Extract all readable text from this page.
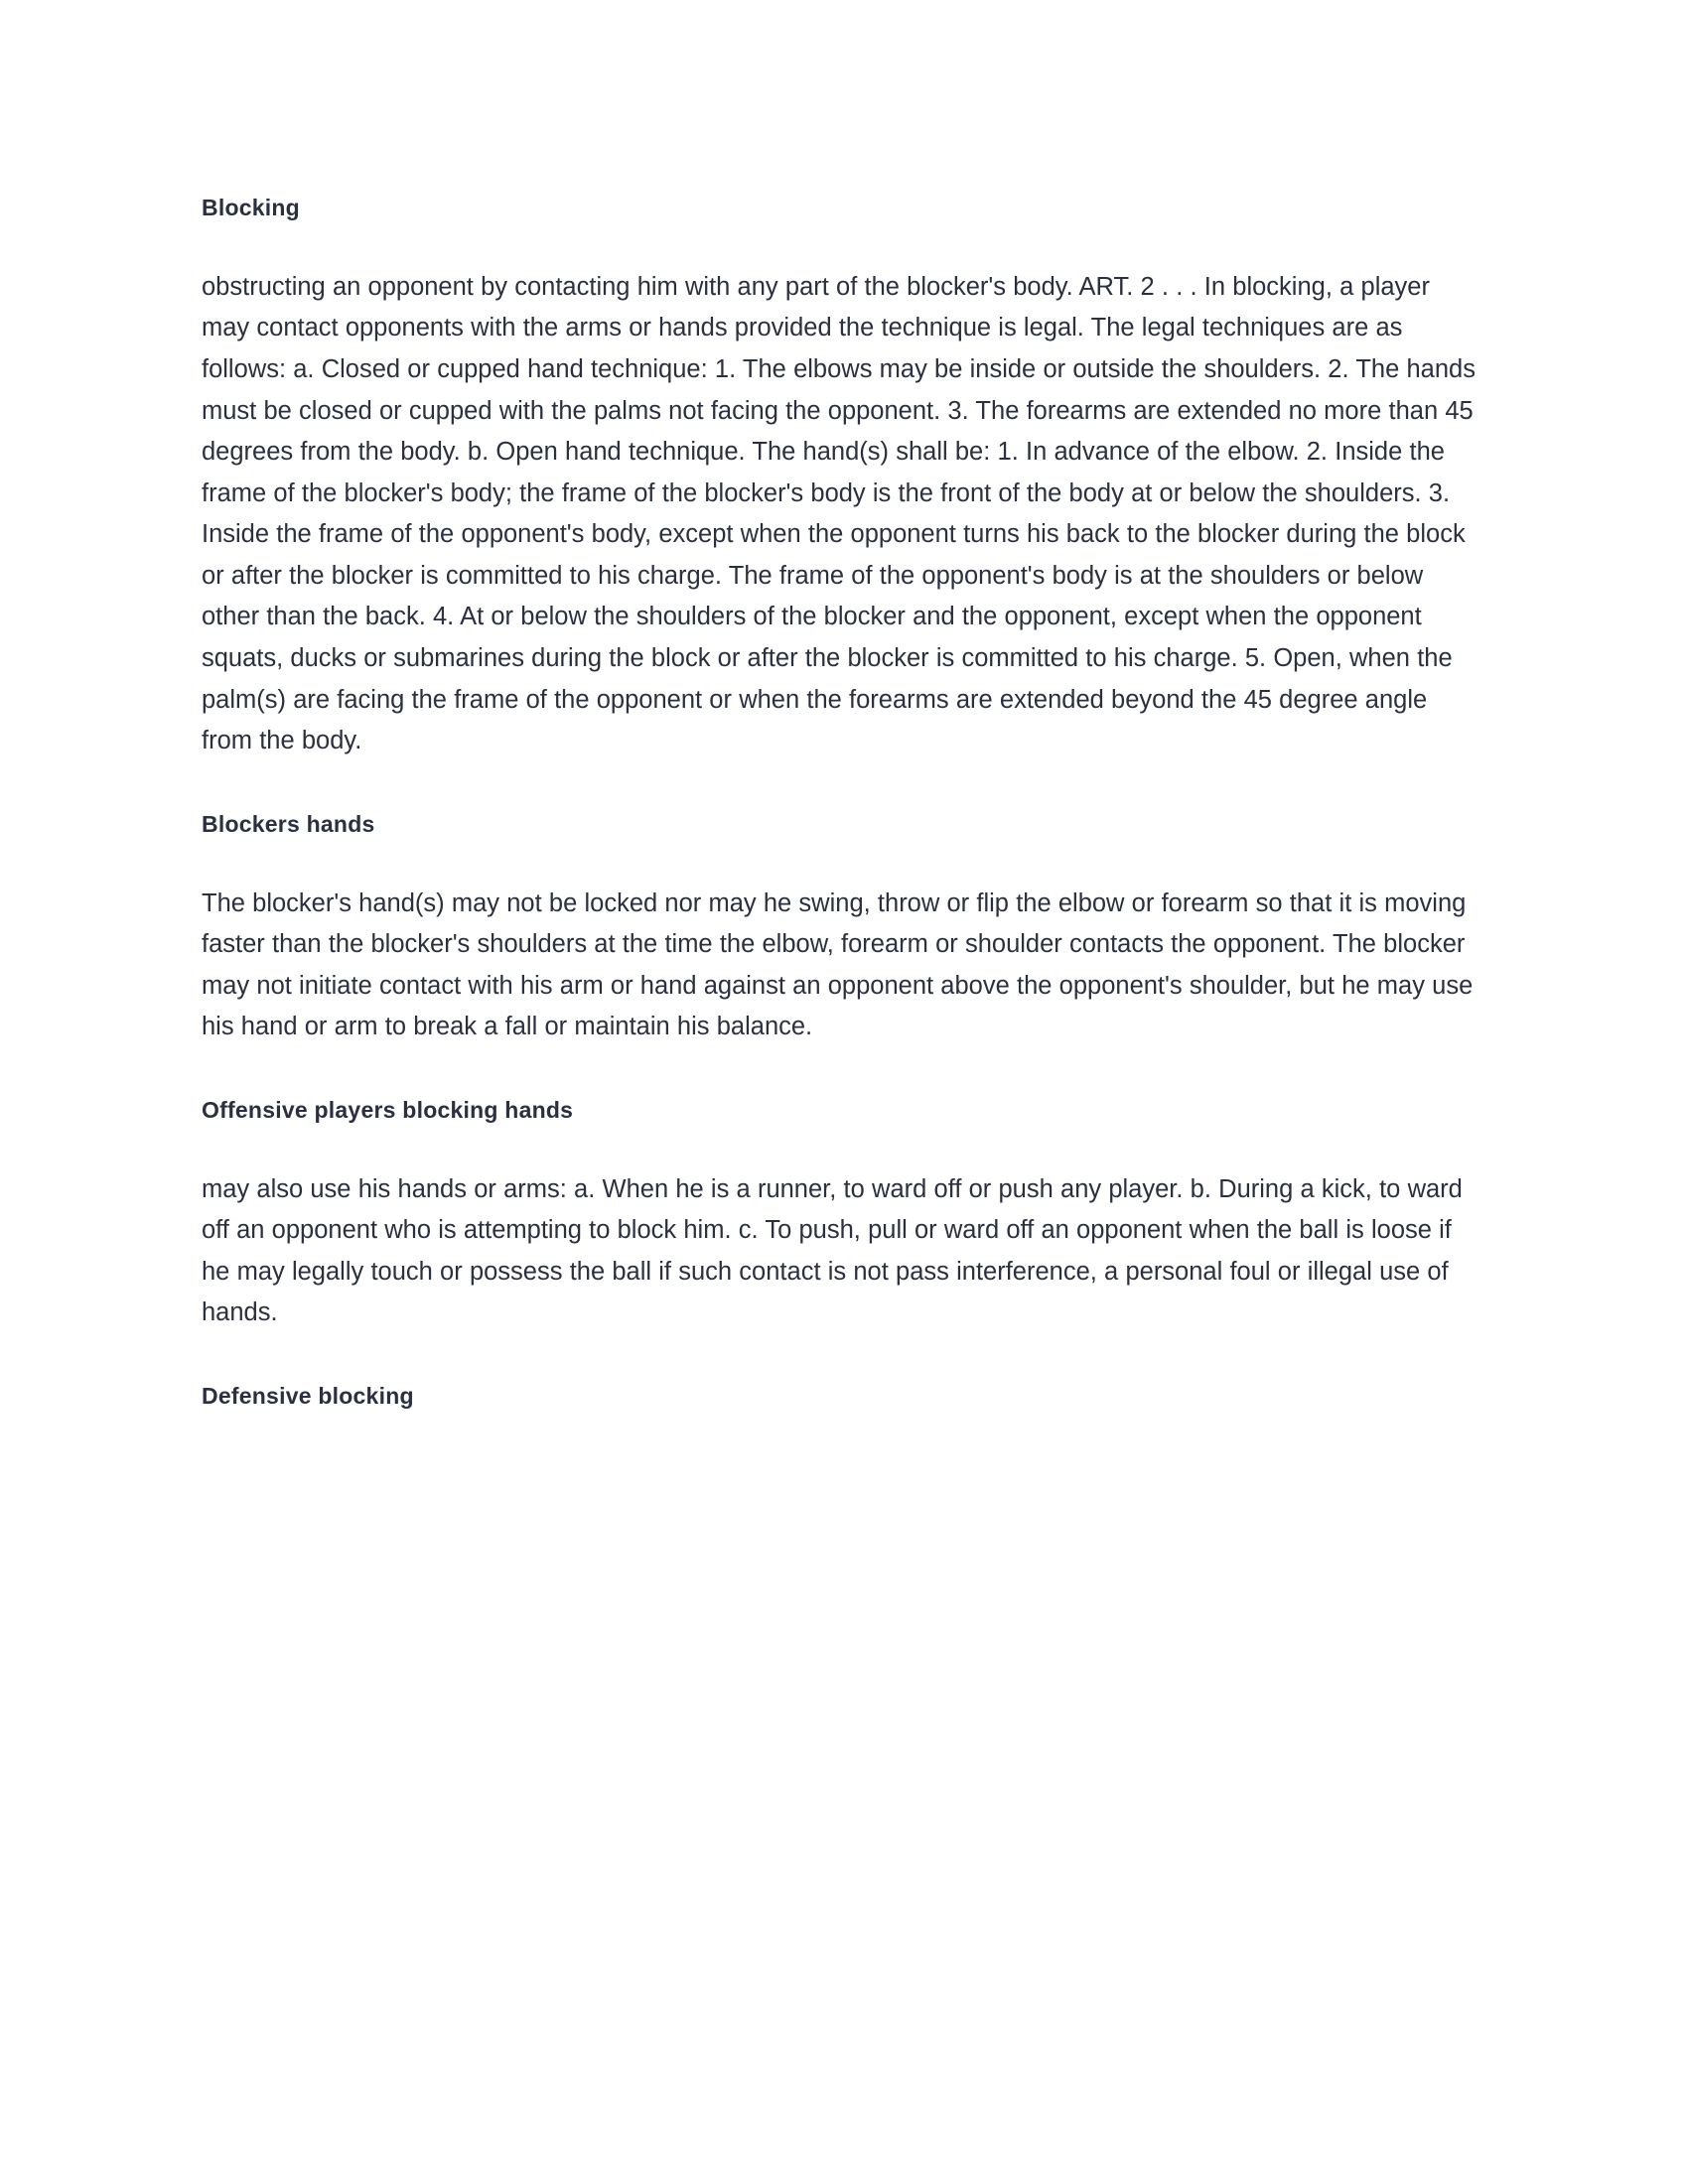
Blocking

obstructing an opponent by contacting him with any part of the blocker's body. ART. 2 . . . In blocking, a player may contact opponents with the arms or hands provided the technique is legal. The legal techniques are as follows: a. Closed or cupped hand technique: 1. The elbows may be inside or outside the shoulders. 2. The hands must be closed or cupped with the palms not facing the opponent. 3. The forearms are extended no more than 45 degrees from the body. b. Open hand technique. The hand(s) shall be: 1. In advance of the elbow. 2. Inside the frame of the blocker's body; the frame of the blocker's body is the front of the body at or below the shoulders. 3. Inside the frame of the opponent's body, except when the opponent turns his back to the blocker during the block or after the blocker is committed to his charge. The frame of the opponent's body is at the shoulders or below other than the back. 4. At or below the shoulders of the blocker and the opponent, except when the opponent squats, ducks or submarines during the block or after the blocker is committed to his charge. 5. Open, when the palm(s) are facing the frame of the opponent or when the forearms are extended beyond the 45 degree angle from the body.

Blockers hands

The blocker's hand(s) may not be locked nor may he swing, throw or flip the elbow or forearm so that it is moving faster than the blocker's shoulders at the time the elbow, forearm or shoulder contacts the opponent. The blocker may not initiate contact with his arm or hand against an opponent above the opponent's shoulder, but he may use his hand or arm to break a fall or maintain his balance.

Offensive players blocking hands

may also use his hands or arms: a. When he is a runner, to ward off or push any player. b. During a kick, to ward off an opponent who is attempting to block him. c. To push, pull or ward off an opponent when the ball is loose if he may legally touch or possess the ball if such contact is not pass interference, a personal foul or illegal use of hands.

Defensive blocking
